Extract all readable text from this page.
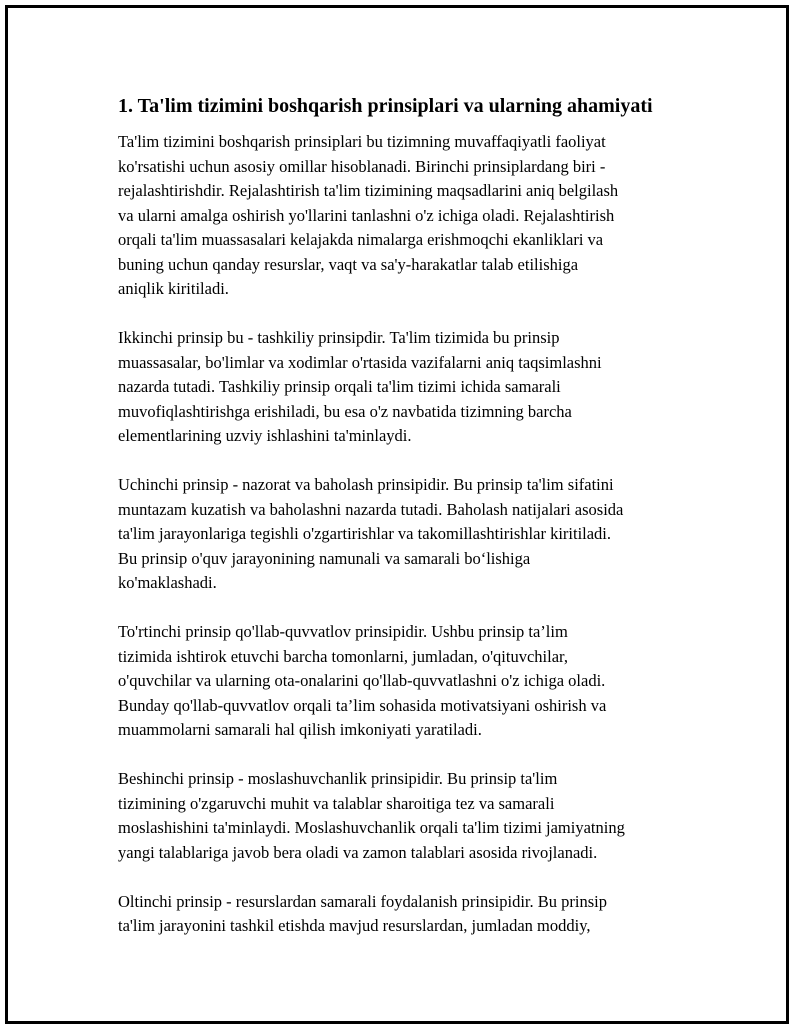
1. Ta'lim tizimini boshqarish prinsiplari va ularning ahamiyati
Ta'lim tizimini boshqarish prinsiplari bu tizimning muvaffaqiyatli faoliyat
ko'rsatishi uchun asosiy omillar hisoblanadi. Birinchi prinsiplardang biri -
rejalashtirishdir. Rejalashtirish ta'lim tizimining maqsadlarini aniq belgilash
va ularni amalga oshirish yo'llarini tanlashni o'z ichiga oladi. Rejalashtirish
orqali ta'lim muassasalari kelajakda nimalarga erishmoqchi ekanliklari va
buning uchun qanday resurslar, vaqt va sa'y-harakatlar talab etilishiga
aniqlik kiritiladi.
Ikkinchi prinsip bu - tashkiliy prinsipdir. Ta'lim tizimida bu prinsip
muassasalar, bo'limlar va xodimlar o'rtasida vazifalarni aniq taqsimlashni
nazarda tutadi. Tashkiliy prinsip orqali ta'lim tizimi ichida samarali
muvofiqlashtirishga erishiladi, bu esa o'z navbatida tizimning barcha
elementlarining uzviy ishlashini ta'minlaydi.
Uchinchi prinsip - nazorat va baholash prinsipidir. Bu prinsip ta'lim sifatini
muntazam kuzatish va baholashni nazarda tutadi. Baholash natijalari asosida
ta'lim jarayonlariga tegishli o'zgartirishlar va takomillashtirishlar kiritiladi.
Bu prinsip o'quv jarayonining namunali va samarali bo‘lishiga
ko'maklashadi.
To'rtinchi prinsip qo'llab-quvvatlov prinsipidir. Ushbu prinsip ta’lim
tizimida ishtirok etuvchi barcha tomonlarni, jumladan, o'qituvchilar,
o'quvchilar va ularning ota-onalarini qo'llab-quvvatlashni o'z ichiga oladi.
Bunday qo'llab-quvvatlov orqali ta’lim sohasida motivatsiyani oshirish va
muammolarni samarali hal qilish imkoniyati yaratiladi.
Beshinchi prinsip - moslashuvchanlik prinsipidir. Bu prinsip ta'lim
tizimining o'zgaruvchi muhit va talablar sharoitiga tez va samarali
moslashishini ta'minlaydi. Moslashuvchanlik orqali ta'lim tizimi jamiyatning
yangi talablariga javob bera oladi va zamon talablari asosida rivojlanadi.
Oltinchi prinsip - resurslardan samarali foydalanish prinsipidir. Bu prinsip
ta'lim jarayonini tashkil etishda mavjud resurslardan, jumladan moddiy,
